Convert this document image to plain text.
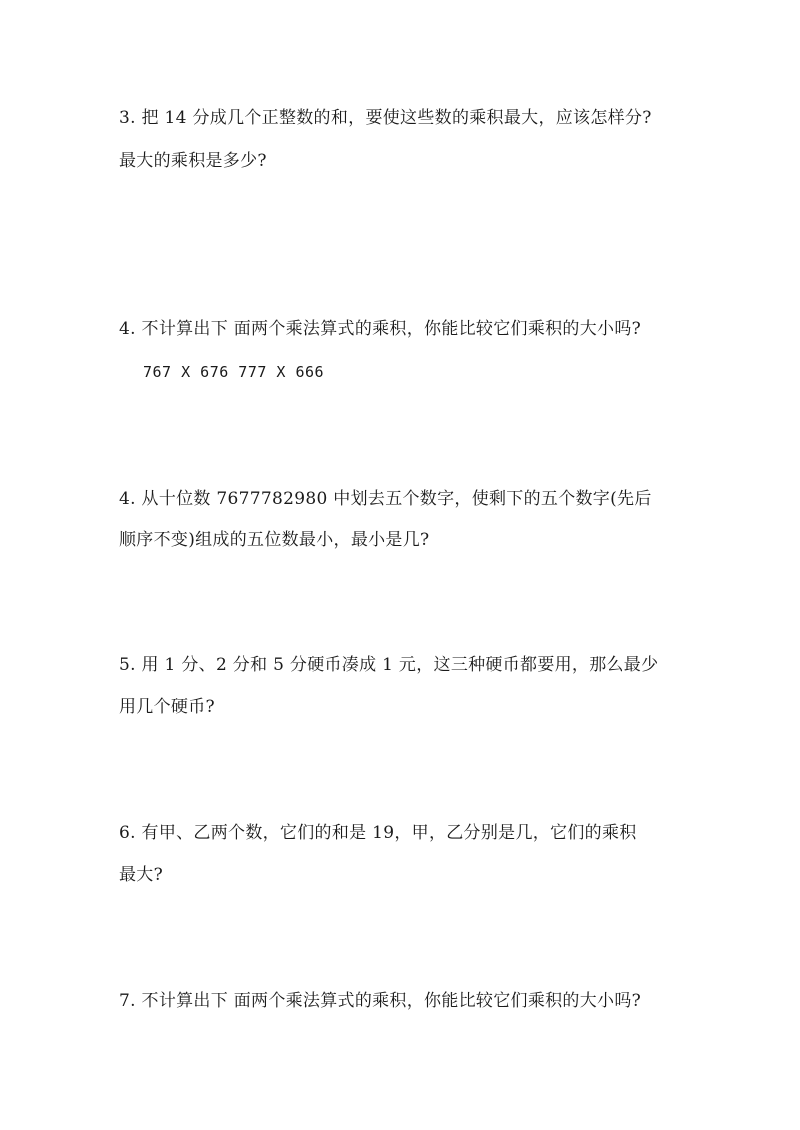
3. 把 14 分成几个正整数的和，要使这些数的乘积最大，应该怎样分?
最大的乘积是多少?
4. 不计算出下 面两个乘法算式的乘积，你能比较它们乘积的大小吗?
767 X 676 777 X 666
4. 从十位数 7677782980 中划去五个数字，使剩下的五个数字(先后
顺序不变)组成的五位数最小，最小是几?
5. 用 1 分、2 分和 5 分硬币凑成 1 元，这三种硬币都要用，那么最少
用几个硬币?
6. 有甲、乙两个数，它们的和是 19，甲，乙分别是几，它们的乘积
最大?
7. 不计算出下 面两个乘法算式的乘积，你能比较它们乘积的大小吗?
